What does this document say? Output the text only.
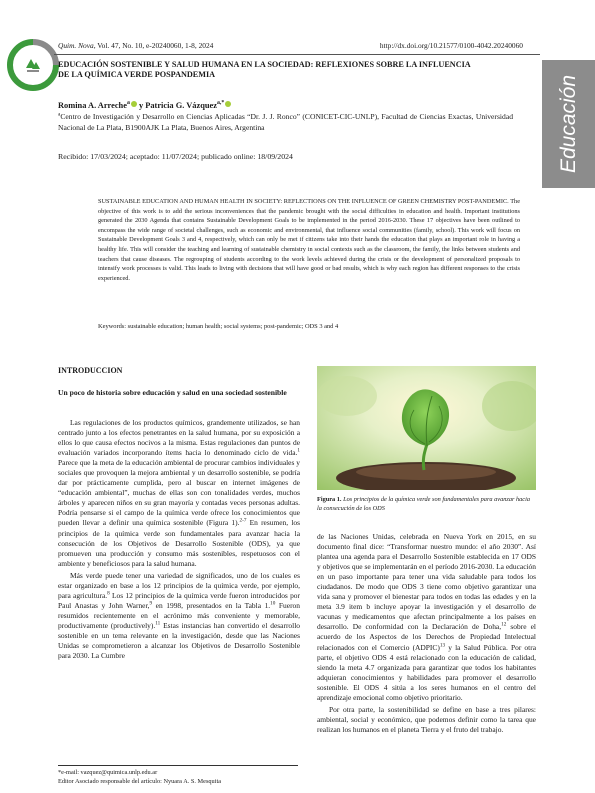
Quim. Nova, Vol. 47, No. 10, e-20240060, 1-8, 2024	http://dx.doi.org/10.21577/0100-4042.20240060
Educación
EDUCACIÓN SOSTENIBLE Y SALUD HUMANA EN LA SOCIEDAD: REFLEXIONES SOBRE LA INFLUENCIA
DE LA QUÍMICA VERDE POSPANDEMIA
Romina A. Arreche$^a$ y Patricia G. Vázquez$^{a,*}$
$^a$Centro de Investigación y Desarrollo en Ciencias Aplicadas “Dr. J. J. Ronco” (CONICET-CIC-UNLP), Facultad de Ciencias Exactas, Universidad Nacional de La Plata, B1900AJK La Plata, Buenos Aires, Argentina
Recibido: 17/03/2024; aceptado: 11/07/2024; publicado online: 18/09/2024
SUSTAINABLE EDUCATION AND HUMAN HEALTH IN SOCIETY: REFLECTIONS ON THE INFLUENCE OF GREEN CHEMISTRY POST-PANDEMIC. The objective of this work is to add the serious inconveniences that the pandemic brought with the social difficulties in education and health. Important institutions generated the 2030 Agenda that contains Sustainable Development Goals to be implemented in the period 2016-2030. These 17 objectives have been outlined to encompass the wide range of societal challenges, such as economic and environmental, that influence social communities (family, school). This work will focus on Sustainable Development Goals 3 and 4, respectively, which can only be met if citizens take into their hands the education that plays an important role in having a healthy life. This will consider the teaching and learning of sustainable chemistry in social contexts such as the classroom, the family, the links between students and teachers that cause diseases. The regrouping of students according to the work levels achieved during the crisis or the development of personalized proposals to intensify work processes is valid. This leads to living with decisions that will have good or bad results, which is why each region has different responses to the crisis experienced.
Keywords: sustainable education; human health; social systems; post-pandemic; ODS 3 and 4
INTRODUCCION
Un poco de historia sobre educación y salud en una sociedad sostenible

Las regulaciones de los productos químicos, grandemente utilizados, se han centrado junto a los efectos penetrantes en la salud humana, por su exposición a ellos lo que causa efectos nocivos a la misma. Estas regulaciones dan puntos de evaluación variados incorporando ítems hacia lo denominado ciclo de vida.$^1$ Parece que la meta de la educación ambiental de procurar cambios individuales y sociales que provoquen la mejora ambiental y un desarrollo sostenible, se podría dar por prácticamente cumplida, pero al buscar en internet imágenes de “educación ambiental”, muchas de ellas son con tonalidades verdes, muchos árboles y aparecen niños en su gran mayoría y contadas veces personas adultas. Podría pensarse si el campo de la química verde ofrece los conocimientos que pueden llevar a definir una química sostenible (Figura 1).$^{2-7}$ En resumen, los principios de la química verde son fundamentales para avanzar hacia la consecución de los Objetivos de Desarrollo Sostenible (ODS), ya que promueven una producción y consumo más sostenibles, respetuosos con el ambiente y beneficiosos para la salud humana.

Más verde puede tener una variedad de significados, uno de los cuales es estar organizado en base a los 12 principios de la química verde, por ejemplo, para agricultura.$^8$ Los 12 principios de la química verde fueron introducidos por Paul Anastas y John Warner,$^9$ en 1998, presentados en la Tabla 1.10 Fueron resumidos recientemente en el acrónimo más conveniente y memorable, productivamente (productively).$^{11}$ Estas instancias han convertido el desarrollo sostenible en un tema relevante en la investigación, desde que las Naciones Unidas se comprometieron a alcanzar los Objetivos de Desarrollo Sostenible para 2030. La Cumbre

Figura 1. Los principios de la química verde son fundamentales para avanzar hacia la consecución de los ODS

de las Naciones Unidas, celebrada en Nueva York en 2015, en su documento final dice: “Transformar nuestro mundo: el año 2030”. Así plantea una agenda para el Desarrollo Sostenible establecida en 17 ODS y objetivos que se implementarán en el período 2016-2030. La educación en un paso importante para tener una vida saludable para todos los ciudadanos. De modo que ODS 3 tiene como objetivo garantizar una vida sana y promover el bienestar para todos en todas las edades y en la meta 3.9 item b incluye apoyar la investigación y el desarrollo de vacunas y medicamentos que afectan principalmente a los países en desarrollo. De conformidad con la Declaración de Doha,$^{12}$ sobre el acuerdo de los Aspectos de los Derechos de Propiedad Intelectual relacionados con el Comercio (ADPIC)$^{13}$ y la Salud Pública. Por otra parte, el objetivo ODS 4 está relacionado con la educación de calidad, siendo la meta 4.7 organizada para garantizar que todos los habitantes adquieran conocimientos y habilidades para promover el desarrollo sostenible. El ODS 4 sitúa a los seres humanos en el centro del aprendizaje emocional como objetivo prioritario.

Por otra parte, la sostenibilidad se define en base a tres pilares: ambiental, social y económico, que podemos definir como la tarea que realizan los humanos en el planeta Tierra y el fruto del trabajo.

*e-mail: vazquez@quimica.unlp.edu.ar
Editor Asociado responsable del artículo: Nyuara A. S. Mesquita
